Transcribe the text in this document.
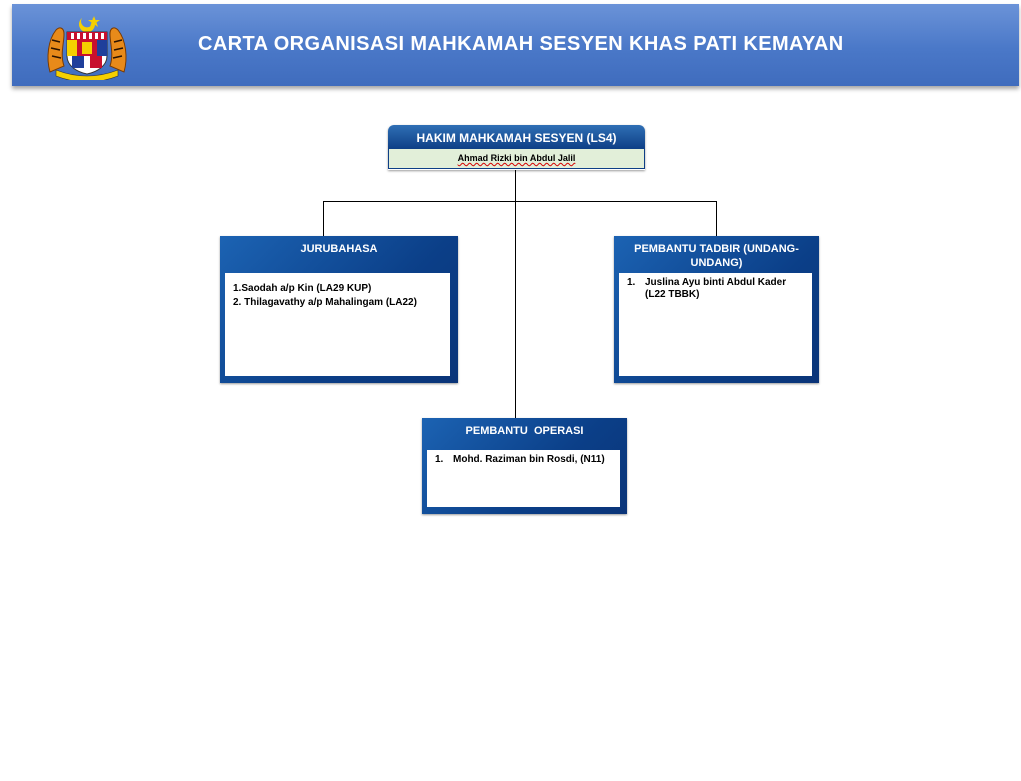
CARTA ORGANISASI MAHKAMAH SESYEN KHAS PATI KEMAYAN
HAKIM MAHKAMAH SESYEN (LS4)
Ahmad Rizki bin Abdul Jalil
JURUBAHASA
1.Saodah a/p Kin (LA29 KUP)
2. Thilagavathy a/p Mahalingam (LA22)
PEMBANTU TADBIR (UNDANG-UNDANG)
1. Juslina Ayu binti Abdul Kader (L22 TBBK)
PEMBANTU  OPERASI
1. Mohd. Raziman bin Rosdi, (N11)
